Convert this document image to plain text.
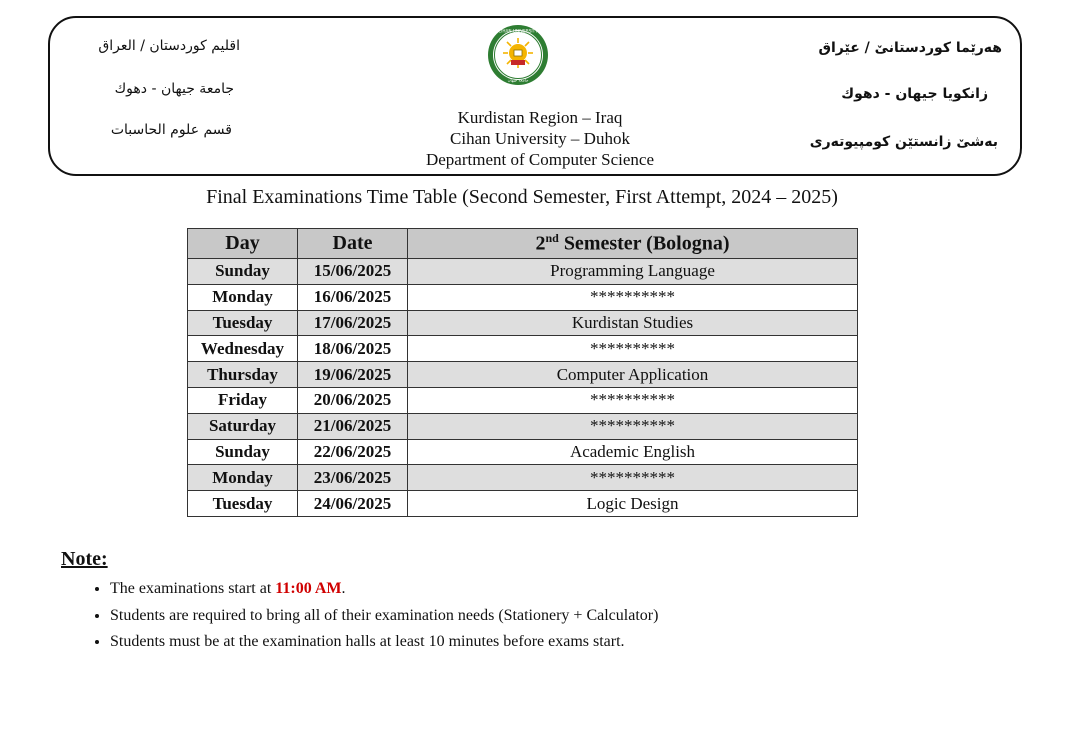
اقليم كوردستان / العراق
جامعة جيهان - دهوك
قسم علوم الحاسبات
هەرێما کوردستانێ / عێراق
زانکویا جیهان - دهوك
بەشێ زانستێن کومپیوتەری
CIHAN UNIVERSITY
جامعة جيهان
Kurdistan Region – Iraq
Cihan University – Duhok
Department of Computer Science
Final Examinations Time Table (Second Semester, First Attempt, 2024 – 2025)
Day	Date	2nd Semester (Bologna)
Sunday	15/06/2025	Programming Language
Monday	16/06/2025	**********
Tuesday	17/06/2025	Kurdistan Studies
Wednesday	18/06/2025	**********
Thursday	19/06/2025	Computer Application
Friday	20/06/2025	**********
Saturday	21/06/2025	**********
Sunday	22/06/2025	Academic English
Monday	23/06/2025	**********
Tuesday	24/06/2025	Logic Design
Note:
• The examinations start at 11:00 AM.
• Students are required to bring all of their examination needs (Stationery + Calculator)
• Students must be at the examination halls at least 10 minutes before exams start.
